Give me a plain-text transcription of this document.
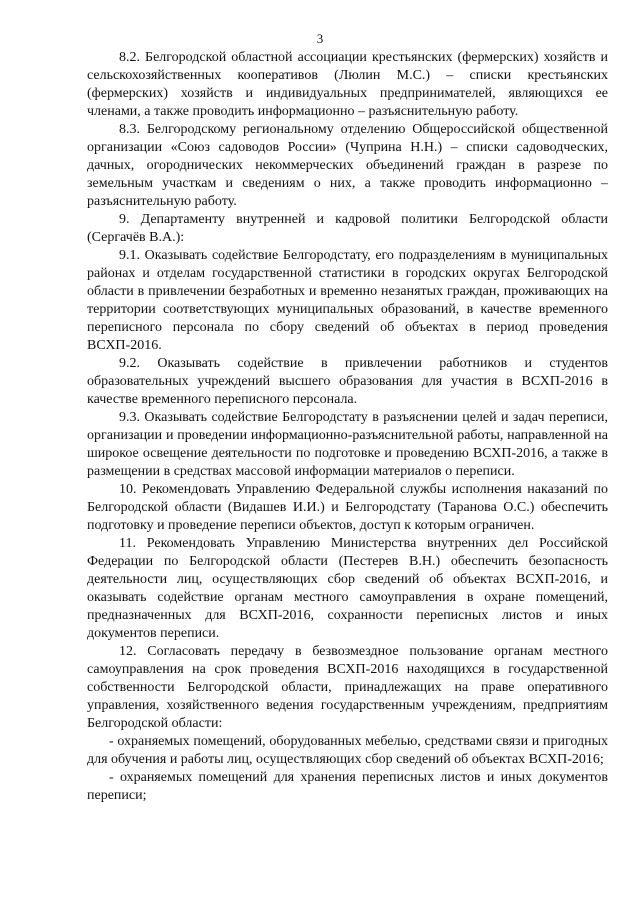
3

8.2. Белгородской областной ассоциации крестьянских (фермерских) хозяйств и сельскохозяйственных кооперативов (Люлин М.С.) – списки крестьянских (фермерских) хозяйств и индивидуальных предпринимателей, являющихся ее членами, а также проводить информационно – разъяснительную работу.

8.3. Белгородскому региональному отделению Общероссийской общественной организации «Союз садоводов России» (Чуприна Н.Н.) – списки садоводческих, дачных, огороднических некоммерческих объединений граждан в разрезе по земельным участкам и сведениям о них, а также проводить информационно – разъяснительную работу.

9. Департаменту внутренней и кадровой политики Белгородской области (Сергачёв В.А.):

9.1. Оказывать содействие Белгородстату, его подразделениям в муниципальных районах и отделам государственной статистики в городских округах Белгородской области в привлечении безработных и временно незанятых граждан, проживающих на территории соответствующих муниципальных образований, в качестве временного переписного персонала по сбору сведений об объектах в период проведения ВСХП-2016.

9.2. Оказывать содействие в привлечении работников и студентов образовательных учреждений высшего образования для участия в ВСХП-2016 в качестве временного переписного персонала.

9.3. Оказывать содействие Белгородстату в разъяснении целей и задач переписи, организации и проведении информационно-разъяснительной работы, направленной на широкое освещение деятельности по подготовке и проведению ВСХП-2016, а также в размещении в средствах массовой информации материалов о переписи.

10. Рекомендовать Управлению Федеральной службы исполнения наказаний по Белгородской области (Видашев И.И.) и Белгородстату (Таранова О.С.) обеспечить подготовку и проведение переписи объектов, доступ к которым ограничен.

11. Рекомендовать Управлению Министерства внутренних дел Российской Федерации по Белгородской области (Пестерев В.Н.) обеспечить безопасность деятельности лиц, осуществляющих сбор сведений об объектах ВСХП-2016, и оказывать содействие органам местного самоуправления в охране помещений, предназначенных для ВСХП-2016, сохранности переписных листов и иных документов переписи.

12. Согласовать передачу в безвозмездное пользование органам местного самоуправления на срок проведения ВСХП-2016 находящихся в государственной собственности Белгородской области, принадлежащих на праве оперативного управления, хозяйственного ведения государственным учреждениям, предприятиям Белгородской области:

- охраняемых помещений, оборудованных мебелью, средствами связи и пригодных для обучения и работы лиц, осуществляющих сбор сведений об объектах ВСХП-2016;

- охраняемых помещений для хранения переписных листов и иных документов переписи;
